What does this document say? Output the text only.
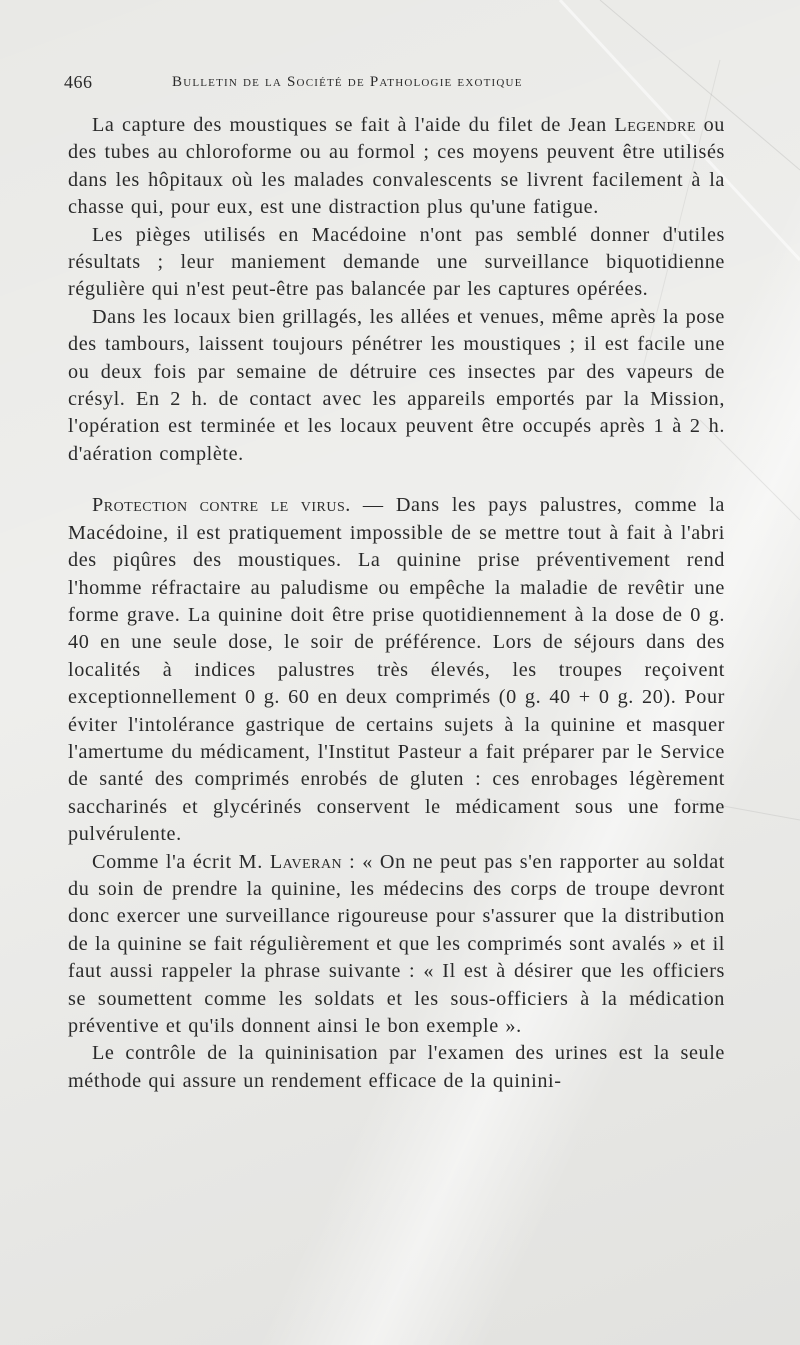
466	Bulletin de la Société de Pathologie exotique

La capture des moustiques se fait à l'aide du filet de Jean Legendre ou des tubes au chloroforme ou au formol ; ces moyens peuvent être utilisés dans les hôpitaux où les malades convalescents se livrent facilement à la chasse qui, pour eux, est une distraction plus qu'une fatigue.

Les pièges utilisés en Macédoine n'ont pas semblé donner d'utiles résultats ; leur maniement demande une surveillance biquotidienne régulière qui n'est peut-être pas balancée par les captures opérées.

Dans les locaux bien grillagés, les allées et venues, même après la pose des tambours, laissent toujours pénétrer les moustiques ; il est facile une ou deux fois par semaine de détruire ces insectes par des vapeurs de crésyl. En 2 h. de contact avec les appareils emportés par la Mission, l'opération est terminée et les locaux peuvent être occupés après 1 à 2 h. d'aération complète.

Protection contre le virus. — Dans les pays palustres, comme la Macédoine, il est pratiquement impossible de se mettre tout à fait à l'abri des piqûres des moustiques. La quinine prise préventivement rend l'homme réfractaire au paludisme ou empêche la maladie de revêtir une forme grave. La quinine doit être prise quotidiennement à la dose de 0 g. 40 en une seule dose, le soir de préférence. Lors de séjours dans des localités à indices palustres très élevés, les troupes reçoivent exceptionnellement 0 g. 60 en deux comprimés (0 g. 40 + 0 g. 20). Pour éviter l'intolérance gastrique de certains sujets à la quinine et masquer l'amertume du médicament, l'Institut Pasteur a fait préparer par le Service de santé des comprimés enrobés de gluten : ces enrobages légèrement saccharinés et glycérinés conservent le médicament sous une forme pulvérulente.

Comme l'a écrit M. Laveran : « On ne peut pas s'en rapporter au soldat du soin de prendre la quinine, les médecins des corps de troupe devront donc exercer une surveillance rigoureuse pour s'assurer que la distribution de la quinine se fait régulièrement et que les comprimés sont avalés » et il faut aussi rappeler la phrase suivante : « Il est à désirer que les officiers se soumettent comme les soldats et les sous-officiers à la médication préventive et qu'ils donnent ainsi le bon exemple ».

Le contrôle de la quininisation par l'examen des urines est la seule méthode qui assure un rendement efficace de la quinini-
